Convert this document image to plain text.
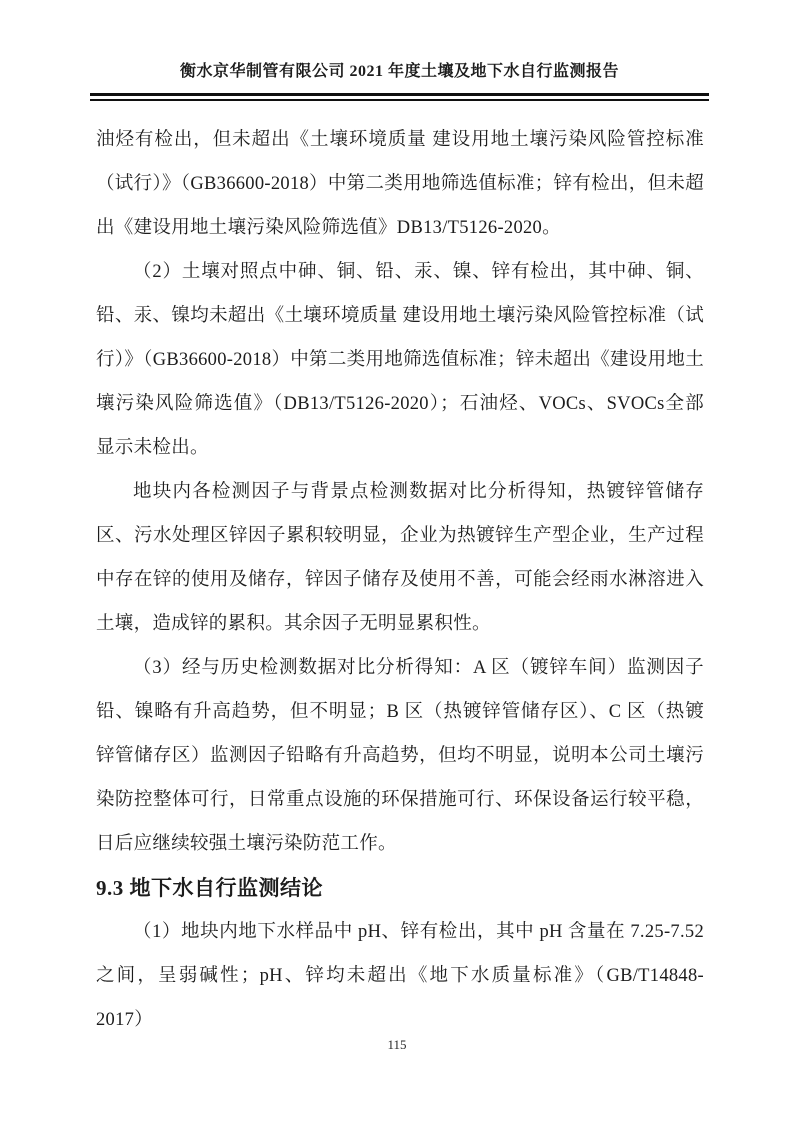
衡水京华制管有限公司 2021 年度土壤及地下水自行监测报告

油烃有检出，但未超出《土壤环境质量 建设用地土壤污染风险管控标准（试行）》（GB36600-2018）中第二类用地筛选值标准；锌有检出，但未超出《建设用地土壤污染风险筛选值》DB13/T5126-2020。

（2）土壤对照点中砷、铜、铅、汞、镍、锌有检出，其中砷、铜、铅、汞、镍均未超出《土壤环境质量 建设用地土壤污染风险管控标准（试行）》（GB36600-2018）中第二类用地筛选值标准；锌未超出《建设用地土壤污染风险筛选值》（DB13/T5126-2020）；石油烃、VOCs、SVOCs全部显示未检出。

地块内各检测因子与背景点检测数据对比分析得知，热镀锌管储存区、污水处理区锌因子累积较明显，企业为热镀锌生产型企业，生产过程中存在锌的使用及储存，锌因子储存及使用不善，可能会经雨水淋溶进入土壤，造成锌的累积。其余因子无明显累积性。

（3）经与历史检测数据对比分析得知：A 区（镀锌车间）监测因子铅、镍略有升高趋势，但不明显；B 区（热镀锌管储存区）、C 区（热镀锌管储存区）监测因子铅略有升高趋势，但均不明显，说明本公司土壤污染防控整体可行，日常重点设施的环保措施可行、环保设备运行较平稳，日后应继续较强土壤污染防范工作。

9.3 地下水自行监测结论

（1）地块内地下水样品中 pH、锌有检出，其中 pH 含量在 7.25-7.52 之间，呈弱碱性；pH、锌均未超出《地下水质量标准》（GB/T14848-2017）

115
